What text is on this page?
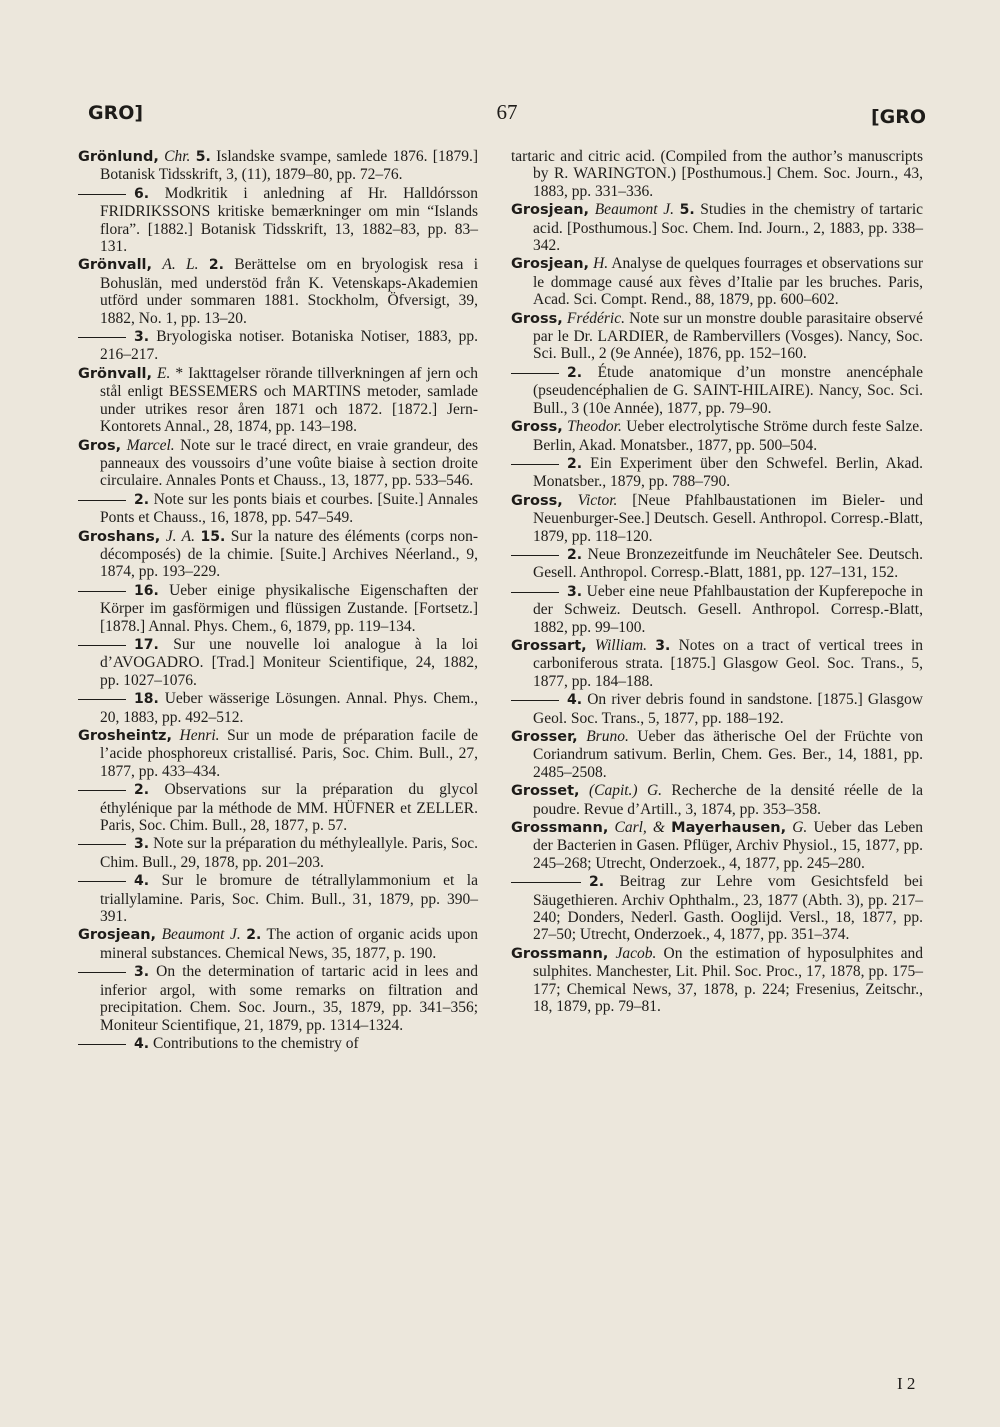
GRO]	67	[GRO
Grönlund, Chr. 5. Islandske svampe, samlede 1876. [1879.] Botanisk Tidsskrift, 3, (11), 1879–80, pp. 72–76.
6. Modkritik i anledning af Hr. Halldórsson FRIDRIKSSONS kritiske bemærkninger om min “Islands flora”. [1882.] Botanisk Tidsskrift, 13, 1882–83, pp. 83–131.
Grönvall, A. L. 2. Berättelse om en bryologisk resa i Bohuslän, med understöd från K. Vetenskaps-Akademien utförd under sommaren 1881. Stockholm, Öfversigt, 39, 1882, No. 1, pp. 13–20.
3. Bryologiska notiser. Botaniska Notiser, 1883, pp. 216–217.
Grönvall, E. * Iakttagelser rörande tillverkningen af jern och stål enligt BESSEMERS och MARTINS metoder, samlade under utrikes resor åren 1871 och 1872. [1872.] Jern-Kontorets Annal., 28, 1874, pp. 143–198.
Gros, Marcel. Note sur le tracé direct, en vraie grandeur, des panneaux des voussoirs d’une voûte biaise à section droite circulaire. Annales Ponts et Chauss., 13, 1877, pp. 533–546.
2. Note sur les ponts biais et courbes. [Suite.] Annales Ponts et Chauss., 16, 1878, pp. 547–549.
Groshans, J. A. 15. Sur la nature des éléments (corps non-décomposés) de la chimie. [Suite.] Archives Néerland., 9, 1874, pp. 193–229.
16. Ueber einige physikalische Eigenschaften der Körper im gasförmigen und flüssigen Zustande. [Fortsetz.] [1878.] Annal. Phys. Chem., 6, 1879, pp. 119–134.
17. Sur une nouvelle loi analogue à la loi d’AVOGADRO. [Trad.] Moniteur Scientifique, 24, 1882, pp. 1027–1076.
18. Ueber wässerige Lösungen. Annal. Phys. Chem., 20, 1883, pp. 492–512.
Grosheintz, Henri. Sur un mode de préparation facile de l’acide phosphoreux cristallisé. Paris, Soc. Chim. Bull., 27, 1877, pp. 433–434.
2. Observations sur la préparation du glycol éthylénique par la méthode de MM. HÜFNER et ZELLER. Paris, Soc. Chim. Bull., 28, 1877, p. 57.
3. Note sur la préparation du méthyleallyle. Paris, Soc. Chim. Bull., 29, 1878, pp. 201–203.
4. Sur le bromure de tétrallylammonium et la triallylamine. Paris, Soc. Chim. Bull., 31, 1879, pp. 390–391.
Grosjean, Beaumont J. 2. The action of organic acids upon mineral substances. Chemical News, 35, 1877, p. 190.
3. On the determination of tartaric acid in lees and inferior argol, with some remarks on filtration and precipitation. Chem. Soc. Journ., 35, 1879, pp. 341–356; Moniteur Scientifique, 21, 1879, pp. 1314–1324.
4. Contributions to the chemistry of
tartaric and citric acid. (Compiled from the author’s manuscripts by R. WARINGTON.) [Posthumous.] Chem. Soc. Journ., 43, 1883, pp. 331–336.
Grosjean, Beaumont J. 5. Studies in the chemistry of tartaric acid. [Posthumous.] Soc. Chem. Ind. Journ., 2, 1883, pp. 338–342.
Grosjean, H. Analyse de quelques fourrages et observations sur le dommage causé aux fèves d’Italie par les bruches. Paris, Acad. Sci. Compt. Rend., 88, 1879, pp. 600–602.
Gross, Frédéric. Note sur un monstre double parasitaire observé par le Dr. LARDIER, de Rambervillers (Vosges). Nancy, Soc. Sci. Bull., 2 (9e Année), 1876, pp. 152–160.
2. Étude anatomique d’un monstre anencéphale (pseudencéphalien de G. SAINT-HILAIRE). Nancy, Soc. Sci. Bull., 3 (10e Année), 1877, pp. 79–90.
Gross, Theodor. Ueber electrolytische Ströme durch feste Salze. Berlin, Akad. Monatsber., 1877, pp. 500–504.
2. Ein Experiment über den Schwefel. Berlin, Akad. Monatsber., 1879, pp. 788–790.
Gross, Victor. [Neue Pfahlbaustationen im Bieler- und Neuenburger-See.] Deutsch. Gesell. Anthropol. Corresp.-Blatt, 1879, pp. 118–120.
2. Neue Bronzezeitfunde im Neuchâteler See. Deutsch. Gesell. Anthropol. Corresp.-Blatt, 1881, pp. 127–131, 152.
3. Ueber eine neue Pfahlbaustation der Kupferepoche in der Schweiz. Deutsch. Gesell. Anthropol. Corresp.-Blatt, 1882, pp. 99–100.
Grossart, William. 3. Notes on a tract of vertical trees in carboniferous strata. [1875.] Glasgow Geol. Soc. Trans., 5, 1877, pp. 184–188.
4. On river debris found in sandstone. [1875.] Glasgow Geol. Soc. Trans., 5, 1877, pp. 188–192.
Grosser, Bruno. Ueber das ätherische Oel der Früchte von Coriandrum sativum. Berlin, Chem. Ges. Ber., 14, 1881, pp. 2485–2508.
Grosset, (Capit.) G. Recherche de la densité réelle de la poudre. Revue d’Artill., 3, 1874, pp. 353–358.
Grossmann, Carl, & Mayerhausen, G. Ueber das Leben der Bacterien in Gasen. Pflüger, Archiv Physiol., 15, 1877, pp. 245–268; Utrecht, Onderzoek., 4, 1877, pp. 245–280.
2. Beitrag zur Lehre vom Gesichtsfeld bei Säugethieren. Archiv Ophthalm., 23, 1877 (Abth. 3), pp. 217–240; Donders, Nederl. Gasth. Ooglijd. Versl., 18, 1877, pp. 27–50; Utrecht, Onderzoek., 4, 1877, pp. 351–374.
Grossmann, Jacob. On the estimation of hyposulphites and sulphites. Manchester, Lit. Phil. Soc. Proc., 17, 1878, pp. 175–177; Chemical News, 37, 1878, p. 224; Fresenius, Zeitschr., 18, 1879, pp. 79–81.
I 2
